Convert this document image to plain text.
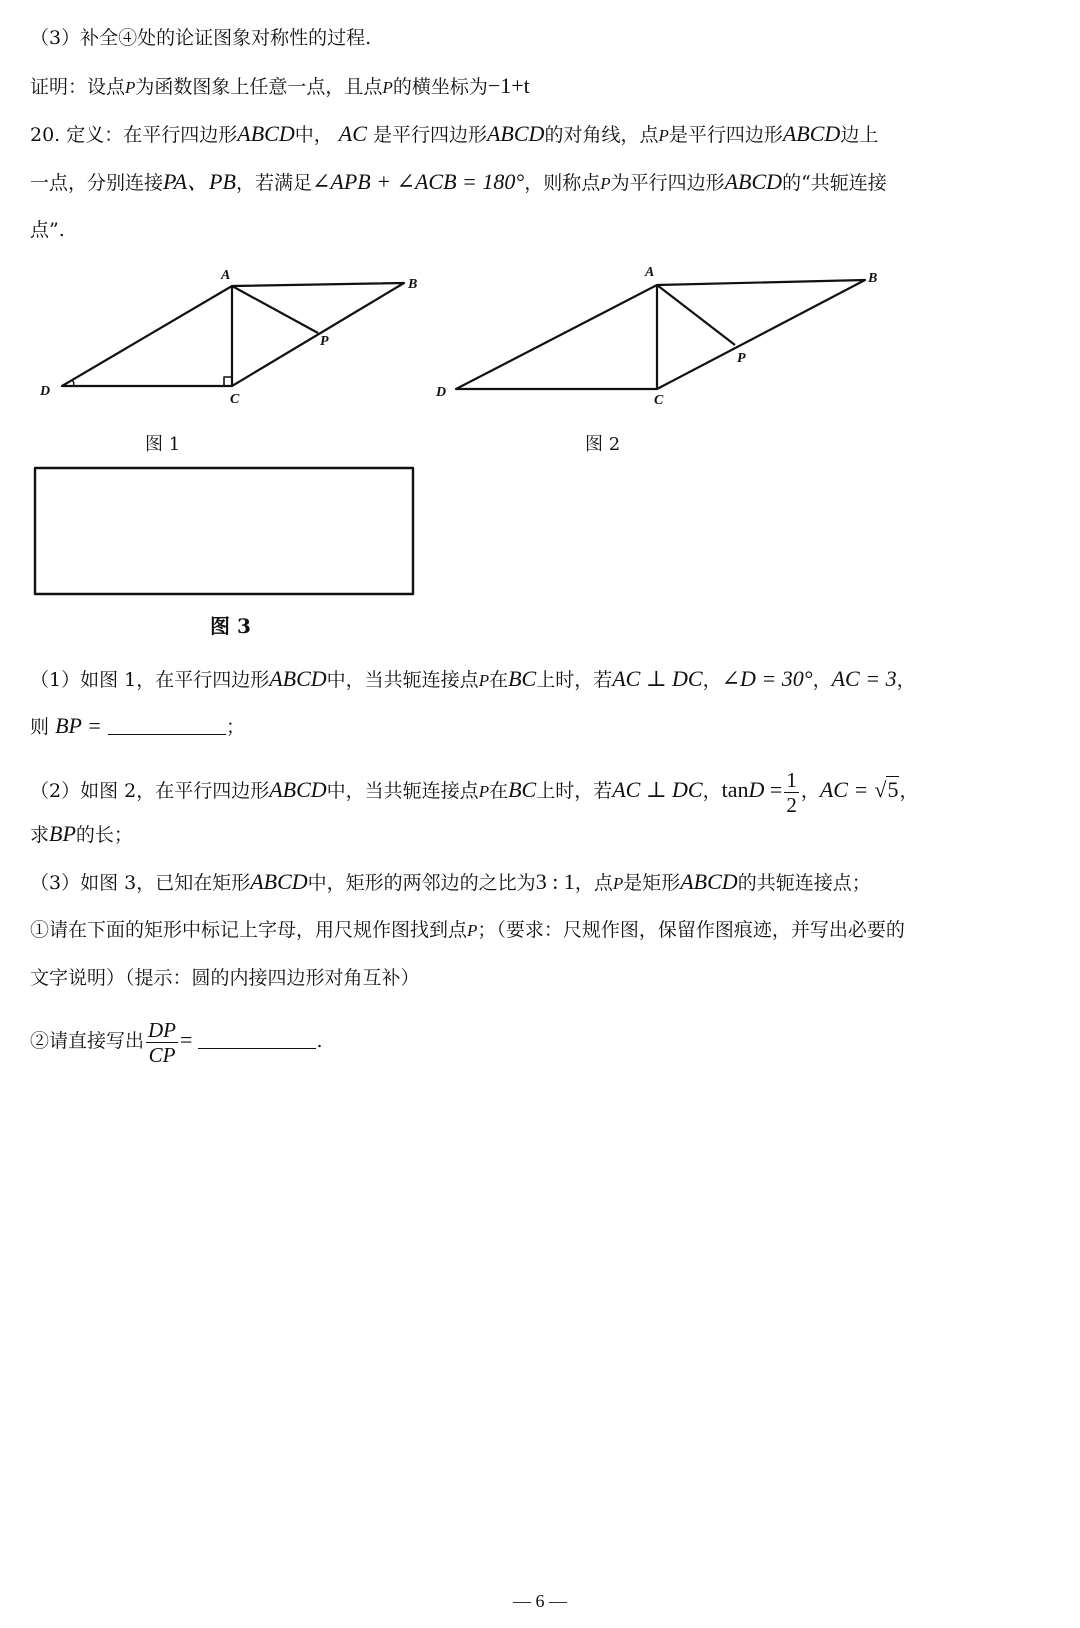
（3）补全④处的论证图象对称性的过程.
证明：设点P为函数图象上任意一点，且点P的横坐标为−1+t
20. 定义：在平行四边形ABCD中， AC 是平行四边形ABCD的对角线，点P是平行四边形ABCD边上
一点，分别连接PA、PB，若满足∠APB + ∠ACB = 180°，则称点P为平行四边形ABCD的“共轭连接
点”.
A
B
C
D
P
A	B
C
D
P
图 1	图 2
图 3
（1）如图 1，在平行四边形ABCD中，当共轭连接点P在BC上时，若AC ⊥ DC，∠D = 30°，AC = 3，
则 BP =	；
（2）如图 2，在平行四边形ABCD中，当共轭连接点P在BC上时，若AC ⊥ DC，$\tan D = \frac{1}{2}$ ，AC = √5，
求BP的长；
（3）如图 3，已知在矩形ABCD中，矩形的两邻边的之比为3 : 1，点P是矩形ABCD的共轭连接点；
①请在下面的矩形中标记上字母，用尺规作图找到点P；（要求：尺规作图，保留作图痕迹，并写出必要的
文字说明）（提示：圆的内接四边形对角互补）
②请直接写出 $\frac{DP}{CP}$ =	.
— 6 —
